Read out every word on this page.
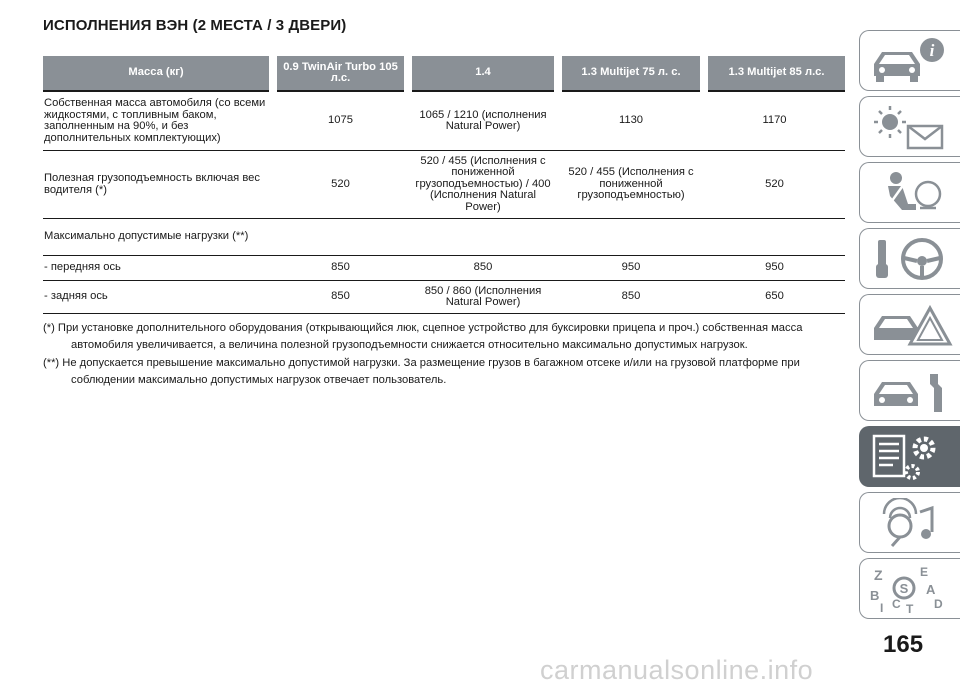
ИСПОЛНЕНИЯ ВЭН (2 МЕСТА / 3 ДВЕРИ)
Масса (кг)	0.9 TwinAir Turbo 105 л.с.	1.4	1.3 Multijet 75 л. с.	1.3 Multijet 85 л.с.
Собственная масса автомобиля (со всеми жидкостями, с топливным баком, заполненным на 90%, и без дополнительных комплектующих)	1075	1065 / 1210 (исполнения Natural Power)	1130	1170
Полезная грузоподъемность включая вес водителя (*)	520	520 / 455 (Исполнения с пониженной грузоподъемностью) / 400 (Исполнения Natural Power)	520 / 455 (Исполнения с пониженной грузоподъемностью)	520
Максимально допустимые нагрузки (**)				
- передняя ось	850	850	950	950
- задняя ось	850	850 / 860 (Исполнения Natural Power)	850	650

(*) При установке дополнительного оборудования (открывающийся люк, сцепное устройство для буксировки прицепа и проч.) собственная масса автомобиля увеличивается, а величина полезной грузоподъемности снижается относительно максимально допустимых нагрузок.

(**) Не допускается превышение максимально допустимой нагрузки. За размещение грузов в багажном отсеке и/или на грузовой платформе при соблюдении максимально допустимых нагрузок отвечает пользователь.

i
Z	E
B	A
I C T D
S
165
carmanualsonline.info
